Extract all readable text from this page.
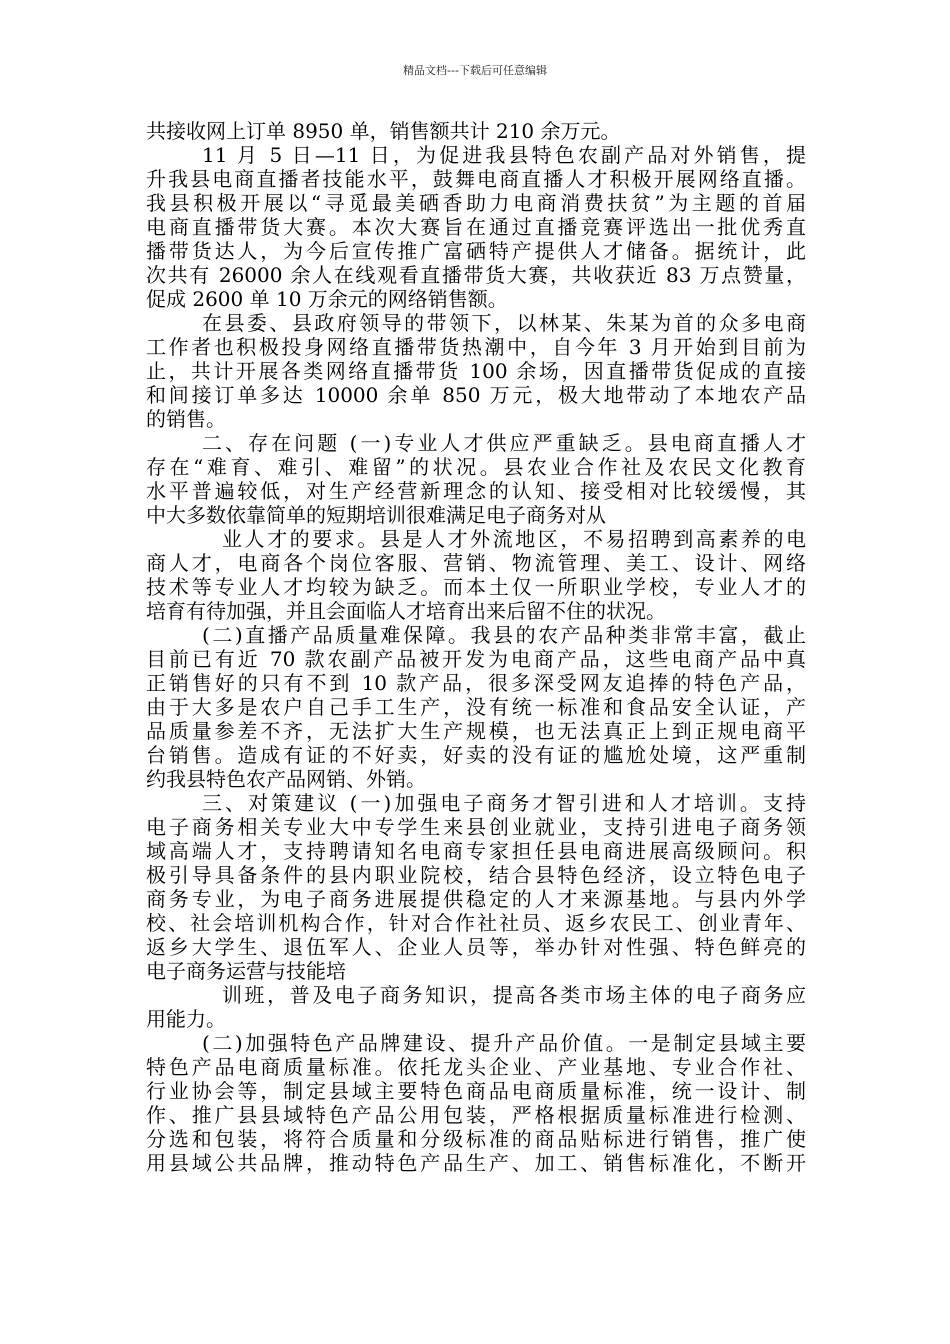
精品文档---下载后可任意编辑
共接收网上订单 8950 单，销售额共计 210 余万元。
11 月 5 日—11 日，为促进我县特色农副产品对外销售，提
升我县电商直播者技能水平，鼓舞电商直播人才积极开展网络直播。
我县积极开展以“寻觅最美硒香助力电商消费扶贫”为主题的首届
电商直播带货大赛。本次大赛旨在通过直播竞赛评选出一批优秀直
播带货达人，为今后宣传推广富硒特产提供人才储备。据统计，此
次共有 26000 余人在线观看直播带货大赛，共收获近 83 万点赞量，
促成 2600 单 10 万余元的网络销售额。
在县委、县政府领导的带领下，以林某、朱某为首的众多电商
工作者也积极投身网络直播带货热潮中，自今年 3 月开始到目前为
止，共计开展各类网络直播带货 100 余场，因直播带货促成的直接
和间接订单多达 10000 余单 850 万元，极大地带动了本地农产品
的销售。
二、存在问题 (一)专业人才供应严重缺乏。县电商直播人才
存在“难育、难引、难留”的状况。县农业合作社及农民文化教育
水平普遍较低，对生产经营新理念的认知、接受相对比较缓慢，其
中大多数依靠简单的短期培训很难满足电子商务对从
业人才的要求。县是人才外流地区，不易招聘到高素养的电
商人才，电商各个岗位客服、营销、物流管理、美工、设计、网络
技术等专业人才均较为缺乏。而本土仅一所职业学校，专业人才的
培育有待加强，并且会面临人才培育出来后留不住的状况。
(二)直播产品质量难保障。我县的农产品种类非常丰富，截止
目前已有近 70 款农副产品被开发为电商产品，这些电商产品中真
正销售好的只有不到 10 款产品，很多深受网友追捧的特色产品，
由于大多是农户自己手工生产，没有统一标准和食品安全认证，产
品质量参差不齐，无法扩大生产规模，也无法真正上到正规电商平
台销售。造成有证的不好卖，好卖的没有证的尴尬处境，这严重制
约我县特色农产品网销、外销。
三、对策建议 (一)加强电子商务才智引进和人才培训。支持
电子商务相关专业大中专学生来县创业就业，支持引进电子商务领
域高端人才，支持聘请知名电商专家担任县电商进展高级顾问。积
极引导具备条件的县内职业院校，结合县特色经济，设立特色电子
商务专业，为电子商务进展提供稳定的人才来源基地。与县内外学
校、社会培训机构合作，针对合作社社员、返乡农民工、创业青年、
返乡大学生、退伍军人、企业人员等，举办针对性强、特色鲜亮的
电子商务运营与技能培
训班，普及电子商务知识，提高各类市场主体的电子商务应
用能力。
(二)加强特色产品牌建设、提升产品价值。一是制定县域主要
特色产品电商质量标准。依托龙头企业、产业基地、专业合作社、
行业协会等，制定县域主要特色商品电商质量标准，统一设计、制
作、推广县县域特色产品公用包装，严格根据质量标准进行检测、
分选和包装，将符合质量和分级标准的商品贴标进行销售，推广使
用县域公共品牌，推动特色产品生产、加工、销售标准化，不断开
